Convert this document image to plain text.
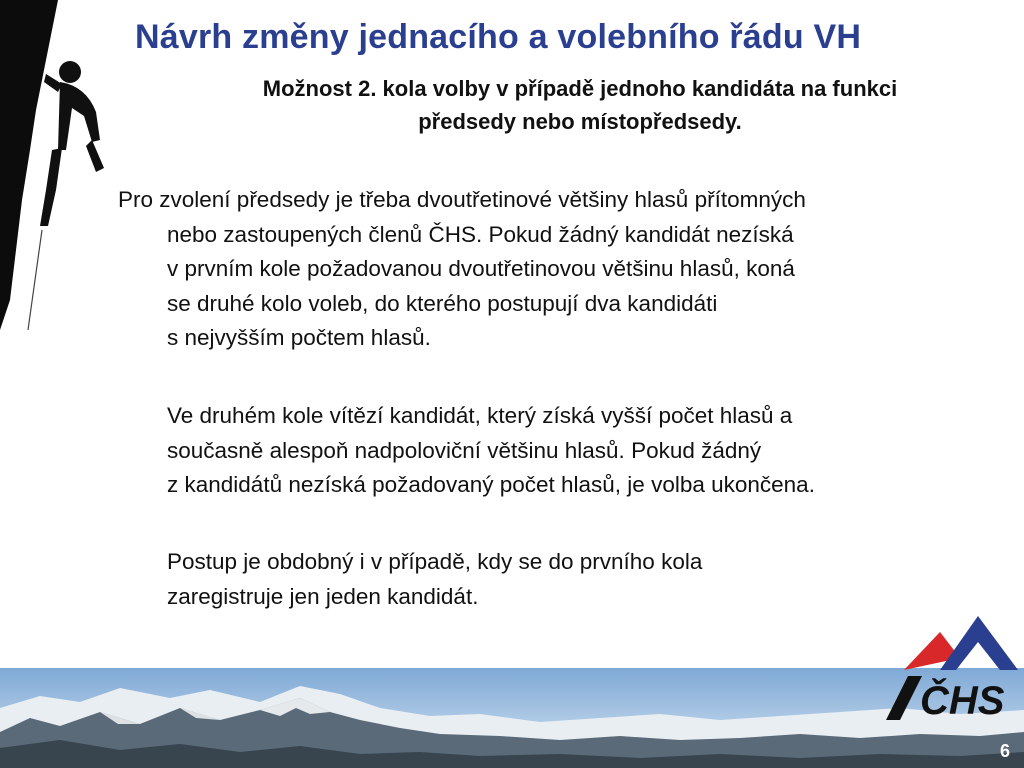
Návrh změny jednacího a volebního řádu VH
Možnost 2. kola volby v případě jednoho kandidáta na funkci
předsedy nebo místopředsedy.
Pro zvolení předsedy je třeba dvoutřetinové většiny hlasů přítomných
nebo zastoupených členů ČHS. Pokud žádný kandidát nezíská
v prvním kole požadovanou dvoutřetinovou většinu hlasů, koná
se druhé kolo voleb, do kterého postupují dva kandidáti
s nejvyšším počtem hlasů.
Ve druhém kole vítězí kandidát, který získá vyšší počet hlasů a
současně alespoň nadpoloviční většinu hlasů. Pokud žádný
z kandidátů nezíská požadovaný počet hlasů, je volba ukončena.
Postup je obdobný i v případě, kdy se do prvního kola
zaregistruje jen jeden kandidát.
ČHS
6
